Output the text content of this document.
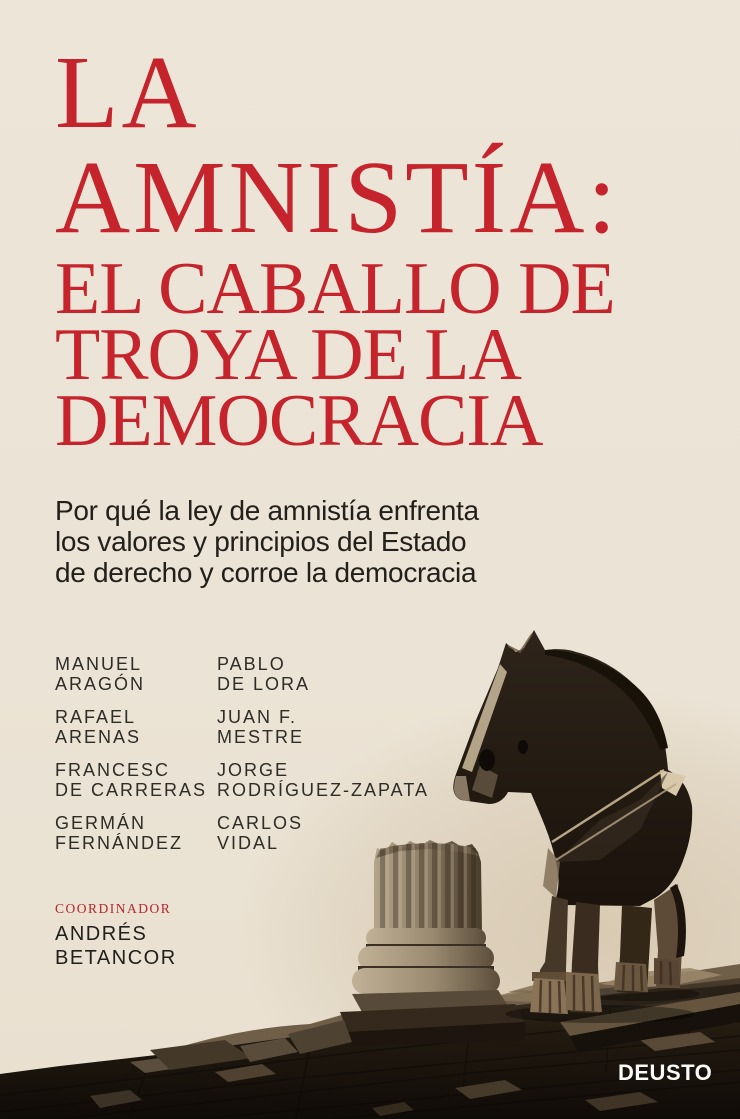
LA
AMNISTÍA:
EL CABALLO DE
TROYA DE LA
DEMOCRACIA
Por qué la ley de amnistía enfrenta
los valores y principios del Estado
de derecho y corroe la democracia
MANUEL
ARAGÓN
RAFAEL
ARENAS
FRANCESC
DE CARRERAS
GERMÁN
FERNÁNDEZ
PABLO
DE LORA
JUAN F.
MESTRE
JORGE
RODRÍGUEZ-ZAPATA
CARLOS
VIDAL
COORDINADOR
ANDRÉS
BETANCOR
DEUSTO
